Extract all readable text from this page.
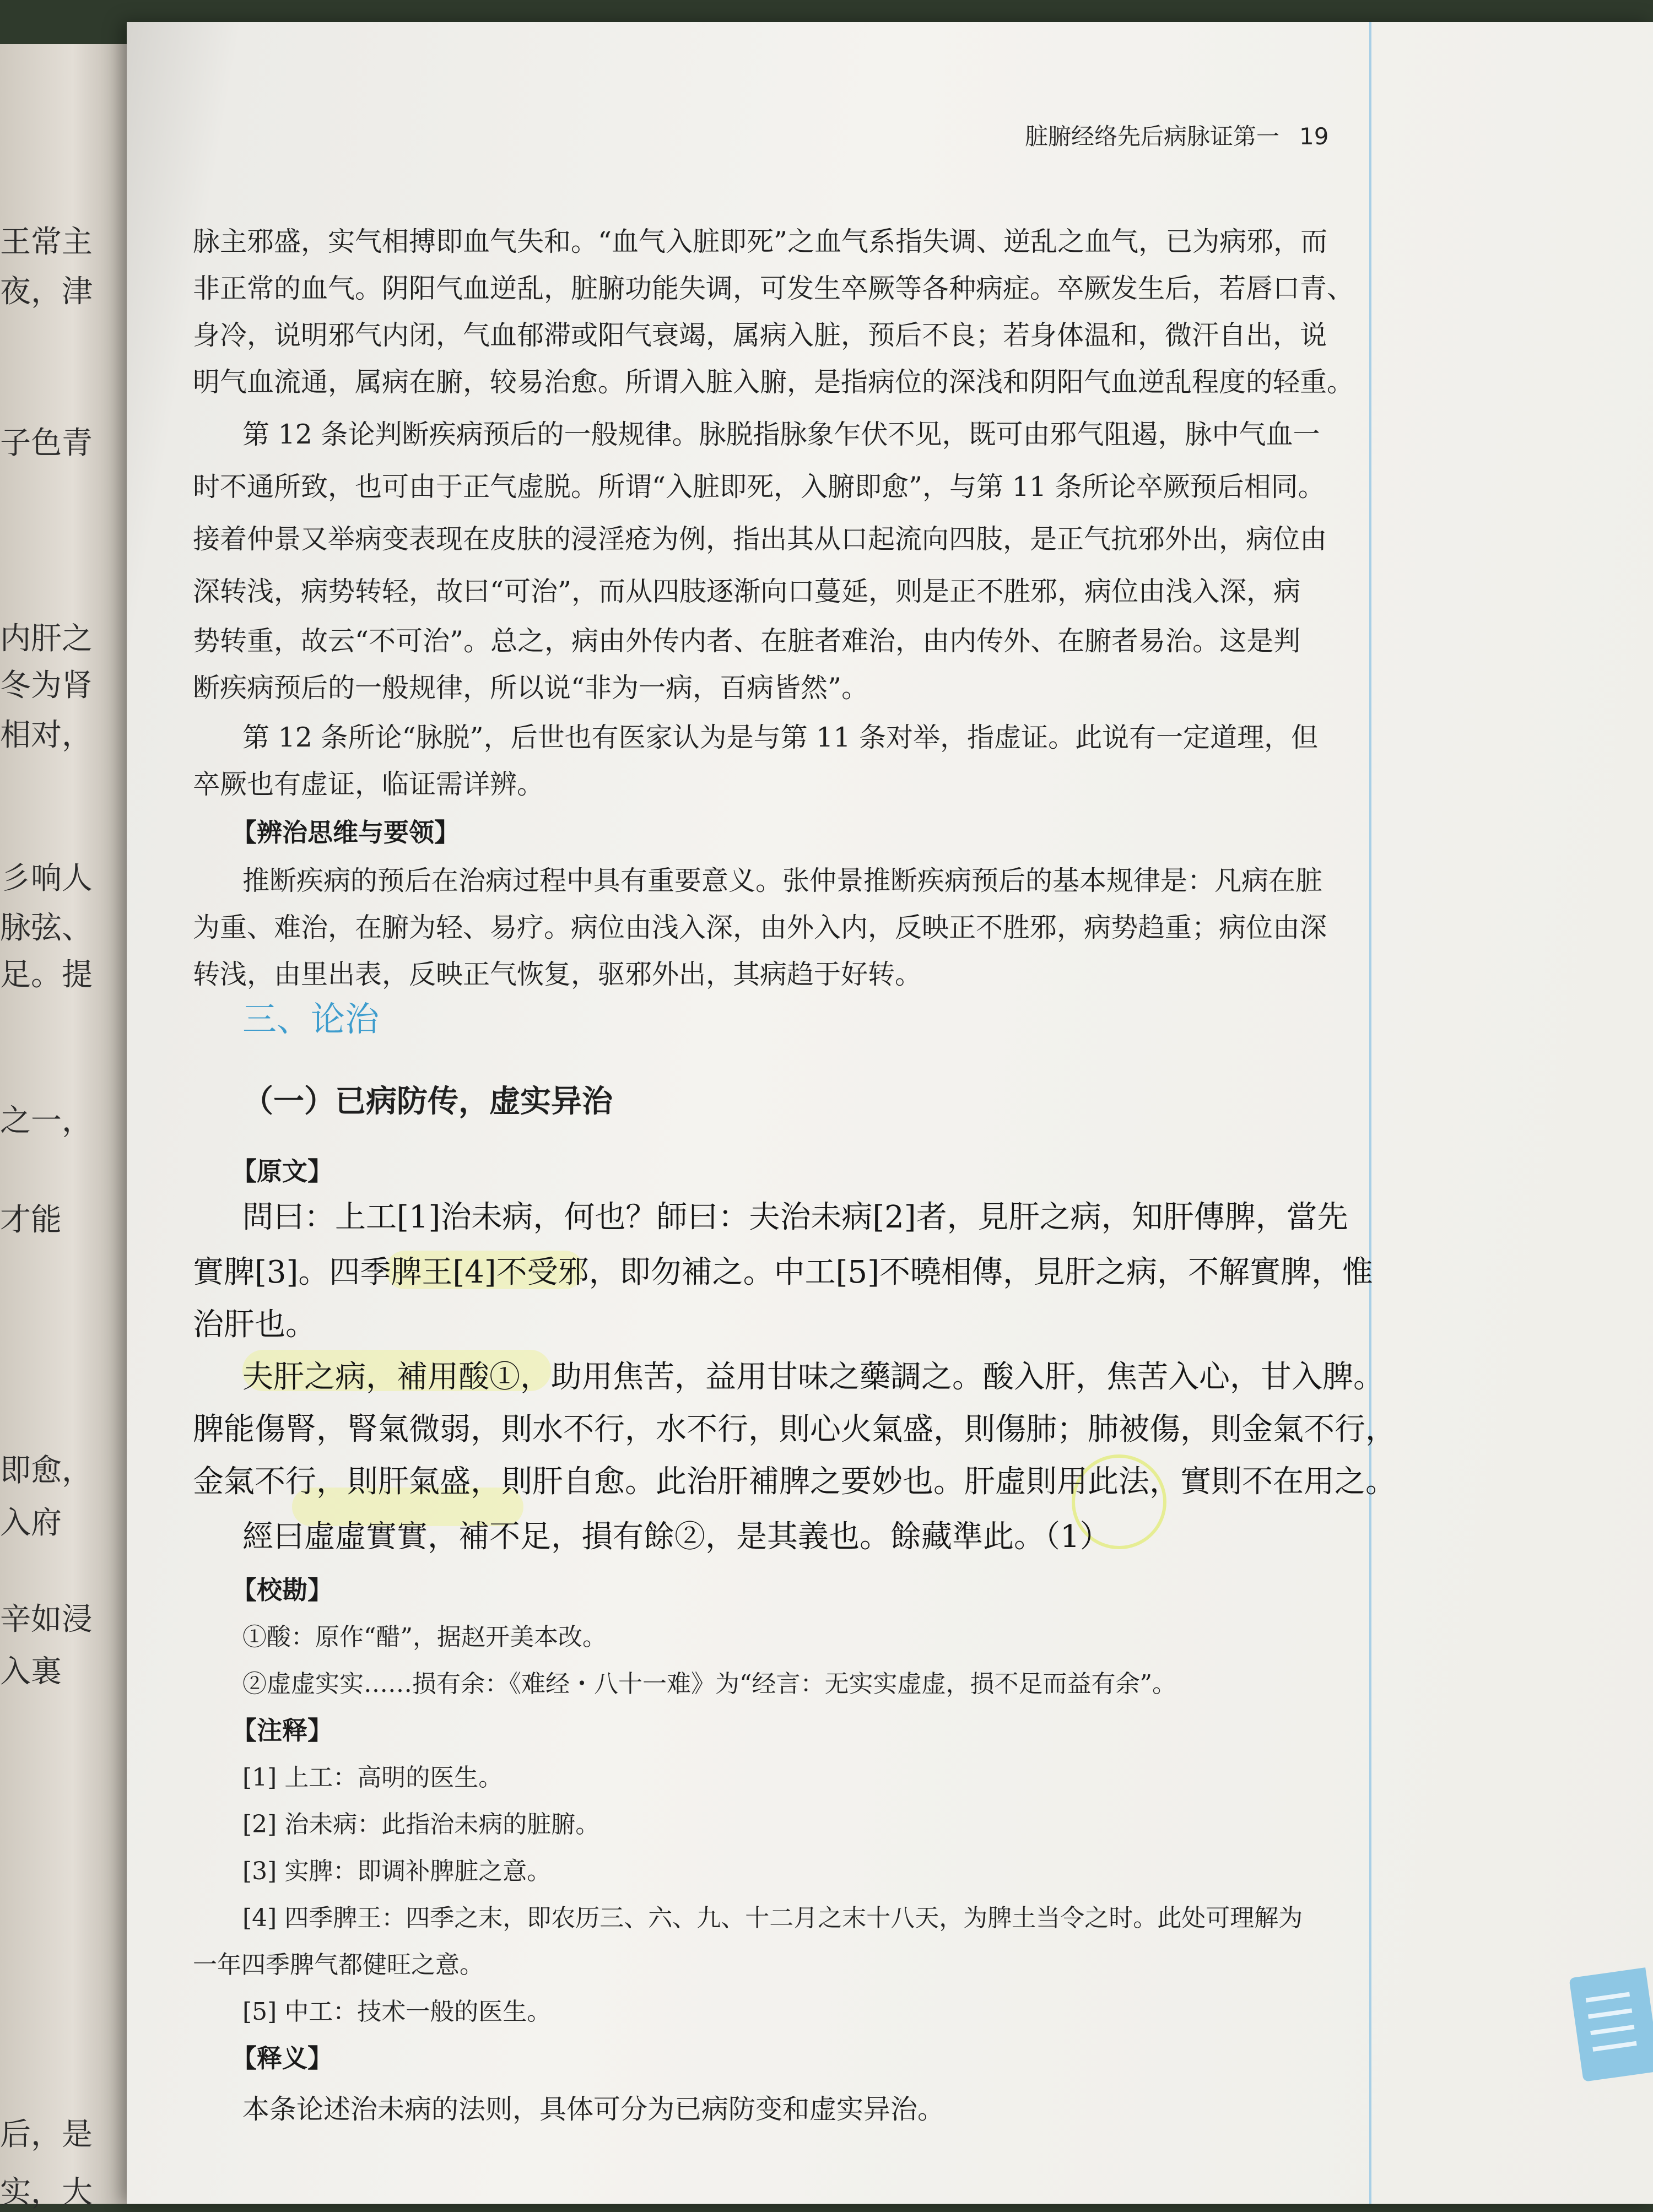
王常主
夜，津
子色青
内肝之
冬为肾
相对，
彡响人
脉弦、
足。提
之一，
才能
即愈，
入府
辛如浸
入裏
后，是
实，大
脏腑经络先后病脉证第一 19
脉主邪盛，实气相搏即血气失和。“血气入脏即死”之血气系指失调、逆乱之血气，已为病邪，而
非正常的血气。阴阳气血逆乱，脏腑功能失调，可发生卒厥等各种病症。卒厥发生后，若唇口青、
身冷，说明邪气内闭，气血郁滞或阳气衰竭，属病入脏，预后不良；若身体温和，微汗自出，说
明气血流通，属病在腑，较易治愈。所谓入脏入腑，是指病位的深浅和阴阳气血逆乱程度的轻重。
第 12 条论判断疾病预后的一般规律。脉脱指脉象乍伏不见，既可由邪气阻遏，脉中气血一
时不通所致，也可由于正气虚脱。所谓“入脏即死，入腑即愈”，与第 11 条所论卒厥预后相同。
接着仲景又举病变表现在皮肤的浸淫疮为例，指出其从口起流向四肢，是正气抗邪外出，病位由
深转浅，病势转轻，故曰“可治”，而从四肢逐渐向口蔓延，则是正不胜邪，病位由浅入深，病
势转重，故云“不可治”。总之，病由外传内者、在脏者难治，由内传外、在腑者易治。这是判
断疾病预后的一般规律，所以说“非为一病，百病皆然”。
第 12 条所论“脉脱”，后世也有医家认为是与第 11 条对举，指虚证。此说有一定道理，但
卒厥也有虚证，临证需详辨。
【辨治思维与要领】
推断疾病的预后在治病过程中具有重要意义。张仲景推断疾病预后的基本规律是：凡病在脏
为重、难治，在腑为轻、易疗。病位由浅入深，由外入内，反映正不胜邪，病势趋重；病位由深
转浅，由里出表，反映正气恢复，驱邪外出，其病趋于好转。
三、论治
（一）已病防传，虚实异治
【原文】
問曰：上工[1]治未病，何也？師曰：夫治未病[2]者，見肝之病，知肝傳脾，當先
實脾[3]。四季脾王[4]不受邪，即勿補之。中工[5]不曉相傳，見肝之病，不解實脾，惟
治肝也。
夫肝之病，補用酸①，助用焦苦，益用甘味之藥調之。酸入肝，焦苦入心，甘入脾。
脾能傷腎，腎氣微弱，則水不行，水不行，則心火氣盛，則傷肺；肺被傷，則金氣不行，
金氣不行，則肝氣盛，則肝自愈。此治肝補脾之要妙也。肝虛則用此法，實則不在用之。
經曰虛虛實實，補不足，損有餘②，是其義也。餘藏準此。（1）
【校勘】
①酸：原作“醋”，据赵开美本改。
②虚虚实实……损有余：《难经・八十一难》为“经言：无实实虚虚，损不足而益有余”。
【注释】
[1] 上工：高明的医生。
[2] 治未病：此指治未病的脏腑。
[3] 实脾：即调补脾脏之意。
[4] 四季脾王：四季之末，即农历三、六、九、十二月之末十八天，为脾土当令之时。此处可理解为
一年四季脾气都健旺之意。
[5] 中工：技术一般的医生。
【释义】
本条论述治未病的法则，具体可分为已病防变和虚实异治。
